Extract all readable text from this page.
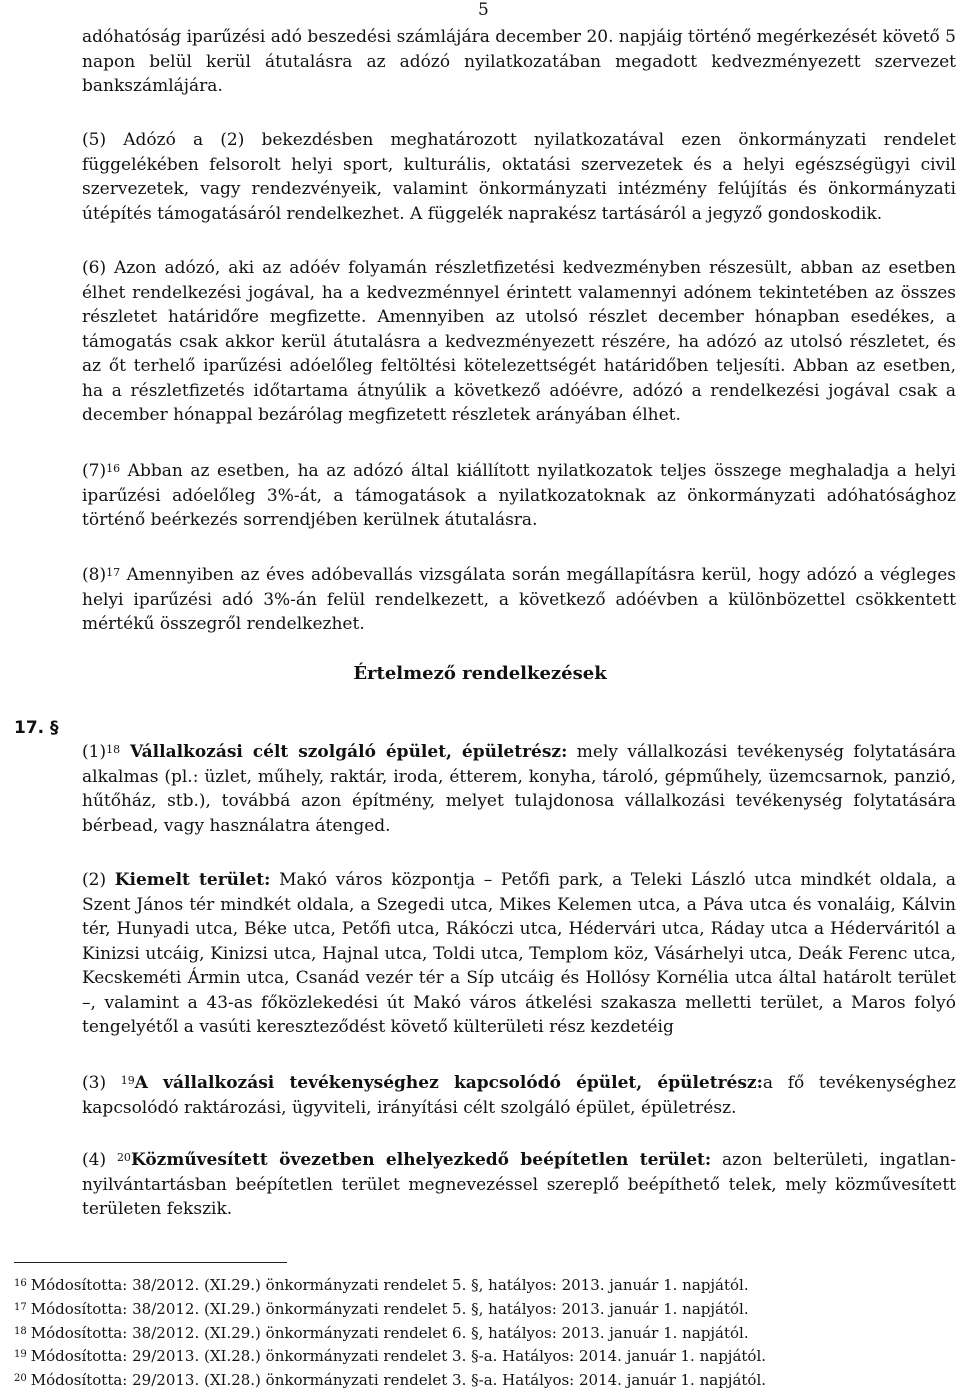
5

adóhatóság iparűzési adó beszedési számlájára december 20. napjáig történő megérkezését követő 5 napon belül kerül átutalásra az adózó nyilatkozatában megadott kedvezményezett szervezet bankszámlájára.

(5) Adózó a (2) bekezdésben meghatározott nyilatkozatával ezen önkormányzati rendelet függelékében felsorolt helyi sport, kulturális, oktatási szervezetek és a helyi egészségügyi civil szervezetek, vagy rendezvényeik, valamint önkormányzati intézmény felújítás és önkormányzati útépítés támogatásáról rendelkezhet. A függelék naprakész tartásáról a jegyző gondoskodik.

(6) Azon adózó, aki az adóév folyamán részletfizetési kedvezményben részesült, abban az esetben élhet rendelkezési jogával, ha a kedvezménnyel érintett valamennyi adónem tekintetében az összes részletet határidőre megfizette. Amennyiben az utolsó részlet december hónapban esedékes, a támogatás csak akkor kerül átutalásra a kedvezményezett részére, ha adózó az utolsó részletet, és az őt terhelő iparűzési adóelőleg feltöltési kötelezettségét határidőben teljesíti. Abban az esetben, ha a részletfizetés időtartama átnyúlik a következő adóévre, adózó a rendelkezési jogával csak a december hónappal bezárólag megfizetett részletek arányában élhet.

$(7)^{16}$ Abban az esetben, ha az adózó által kiállított nyilatkozatok teljes összege meghaladja a helyi iparűzési adóelőleg 3%-át, a támogatások a nyilatkozatoknak az önkormányzati adóhatósághoz történő beérkezés sorrendjében kerülnek átutalásra.

$(8)^{17}$ Amennyiben az éves adóbevallás vizsgálata során megállapításra kerül, hogy adózó a végleges helyi iparűzési adó 3%-án felül rendelkezett, a következő adóévben a különbözettel csökkentett mértékű összegről rendelkezhet.

Értelmező rendelkezések
17. §

$(1)^{18}$ Vállalkozási célt szolgáló épület, épületrész: mely vállalkozási tevékenység folytatására alkalmas (pl.: üzlet, műhely, raktár, iroda, étterem, konyha, tároló, gépműhely, üzemcsarnok, panzió, hűtőház, stb.), továbbá azon építmény, melyet tulajdonosa vállalkozási tevékenység folytatására bérbead, vagy használatra átenged.

(2) Kiemelt terület: Makó város központja – Petőfi park, a Teleki László utca mindkét oldala, a Szent János tér mindkét oldala, a Szegedi utca, Mikes Kelemen utca, a Páva utca és vonaláig, Kálvin tér, Hunyadi utca, Béke utca, Petőfi utca, Rákóczi utca, Hédervári utca, Ráday utca a Héderváritól a Kinizsi utcáig, Kinizsi utca, Hajnal utca, Toldi utca, Templom köz, Vásárhelyi utca, Deák Ferenc utca, Kecskeméti Ármin utca, Csanád vezér tér a Síp utcáig és Hollósy Kornélia utca által határolt terület –, valamint a 43-as főközlekedési út Makó város átkelési szakasza melletti terület, a Maros folyó tengelyétől a vasúti kereszteződést követő külterületi rész kezdetéig

(3) $^{19}$A vállalkozási tevékenységhez kapcsolódó épület, épületrész:a fő tevékenységhez kapcsolódó raktározási, ügyviteli, irányítási célt szolgáló épület, épületrész.

(4) $^{20}$Közművesített övezetben elhelyezkedő beépítetlen terület: azon belterületi, ingatlan-nyilvántartásban beépítetlen terület megnevezéssel szereplő beépíthető telek, mely közművesített területen fekszik.

$^{16}$ Módosította: 38/2012. (XI.29.) önkormányzati rendelet 5. §, hatályos: 2013. január 1. napjától.
$^{17}$ Módosította: 38/2012. (XI.29.) önkormányzati rendelet 5. §, hatályos: 2013. január 1. napjától.
$^{18}$ Módosította: 38/2012. (XI.29.) önkormányzati rendelet 6. §, hatályos: 2013. január 1. napjától.
$^{19}$ Módosította: 29/2013. (XI.28.) önkormányzati rendelet 3. §-a. Hatályos: 2014. január 1. napjától.
$^{20}$ Módosította: 29/2013. (XI.28.) önkormányzati rendelet 3. §-a. Hatályos: 2014. január 1. napjától.
